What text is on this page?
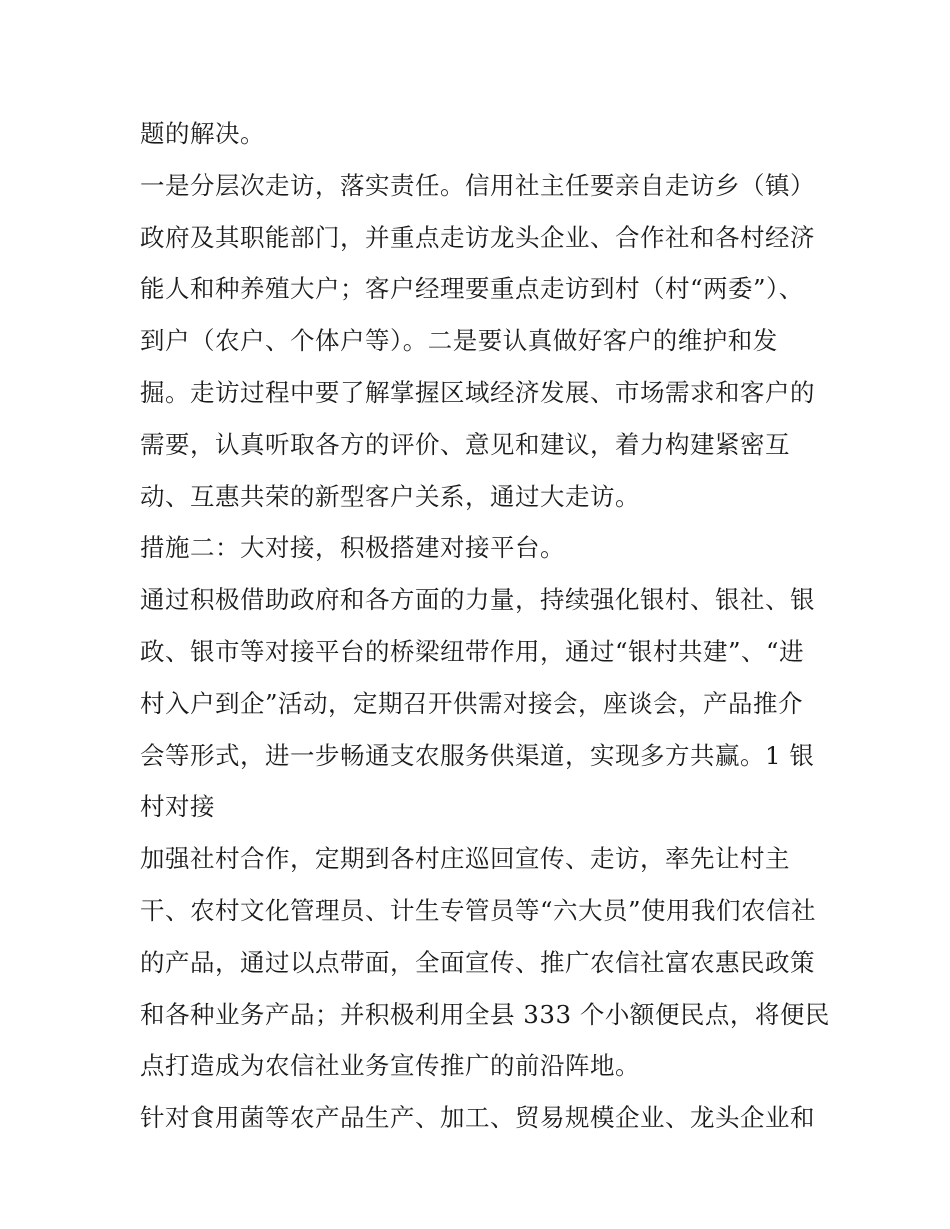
题的解决。
一是分层次走访，落实责任。信用社主任要亲自走访乡（镇）
政府及其职能部门，并重点走访龙头企业、合作社和各村经济
能人和种养殖大户；客户经理要重点走访到村（村“两委”）、
到户（农户、个体户等）。二是要认真做好客户的维护和发
掘。走访过程中要了解掌握区域经济发展、市场需求和客户的
需要，认真听取各方的评价、意见和建议，着力构建紧密互
动、互惠共荣的新型客户关系，通过大走访。
措施二：大对接，积极搭建对接平台。
通过积极借助政府和各方面的力量，持续强化银村、银社、银
政、银市等对接平台的桥梁纽带作用，通过“银村共建”、“进
村入户到企”活动，定期召开供需对接会，座谈会，产品推介
会等形式，进一步畅通支农服务供渠道，实现多方共赢。1 银
村对接
加强社村合作，定期到各村庄巡回宣传、走访，率先让村主
干、农村文化管理员、计生专管员等“六大员”使用我们农信社
的产品，通过以点带面，全面宣传、推广农信社富农惠民政策
和各种业务产品；并积极利用全县 333 个小额便民点，将便民
点打造成为农信社业务宣传推广的前沿阵地。
针对食用菌等农产品生产、加工、贸易规模企业、龙头企业和
